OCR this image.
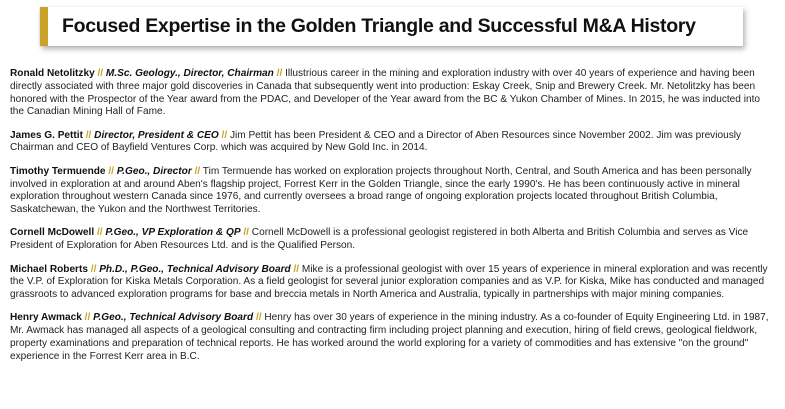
Focused Expertise in the Golden Triangle and Successful M&A History

Ronald Netolitzky // M.Sc. Geology., Director, Chairman // Illustrious career in the mining and exploration industry with over 40 years of experience and having been directly associated with three major gold discoveries in Canada that subsequently went into production: Eskay Creek, Snip and Brewery Creek. Mr. Netolitzky has been honored with the Prospector of the Year award from the PDAC, and Developer of the Year award from the BC & Yukon Chamber of Mines. In 2015, he was inducted into the Canadian Mining Hall of Fame.

James G. Pettit // Director, President & CEO // Jim Pettit has been President & CEO and a Director of Aben Resources since November 2002. Jim was previously Chairman and CEO of Bayfield Ventures Corp. which was acquired by New Gold Inc. in 2014.

Timothy Termuende // P.Geo., Director // Tim Termuende has worked on exploration projects throughout North, Central, and South America and has been personally involved in exploration at and around Aben's flagship project, Forrest Kerr in the Golden Triangle, since the early 1990's. He has been continuously active in mineral exploration throughout western Canada since 1976, and currently oversees a broad range of ongoing exploration projects located throughout British Columbia, Saskatchewan, the Yukon and the Northwest Territories.

Cornell McDowell // P.Geo., VP Exploration & QP // Cornell McDowell is a professional geologist registered in both Alberta and British Columbia and serves as Vice President of Exploration for Aben Resources Ltd. and is the Qualified Person.

Michael Roberts // Ph.D., P.Geo., Technical Advisory Board // Mike is a professional geologist with over 15 years of experience in mineral exploration and was recently the V.P. of Exploration for Kiska Metals Corporation. As a field geologist for several junior exploration companies and as V.P. for Kiska, Mike has conducted and managed grassroots to advanced exploration programs for base and breccia metals in North America and Australia, typically in partnerships with major mining companies.

Henry Awmack // P.Geo., Technical Advisory Board // Henry has over 30 years of experience in the mining industry. As a co-founder of Equity Engineering Ltd. in 1987, Mr. Awmack has managed all aspects of a geological consulting and contracting firm including project planning and execution, hiring of field crews, geological fieldwork, property examinations and preparation of technical reports. He has worked around the world exploring for a variety of commodities and has extensive "on the ground" experience in the Forrest Kerr area in B.C.
